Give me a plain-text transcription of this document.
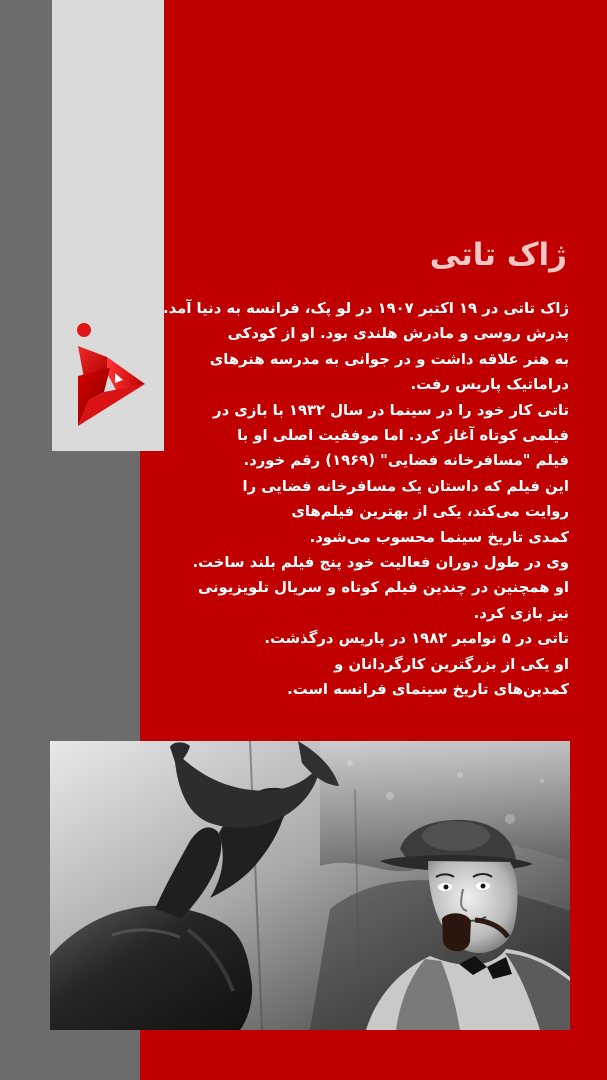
ژاک تاتی
ژاک تاتی در ۱۹ اکتبر ۱۹۰۷ در لو پک، فرانسه به دنیا آمد.
پدرش روسی و مادرش هلندی بود. او از کودکی
به هنر علاقه داشت و در جوانی به مدرسه هنرهای
دراماتیک پاریس رفت.
تاتی کار خود را در سینما در سال ۱۹۳۲ با بازی در
فیلمی کوتاه آغاز کرد. اما موفقیت اصلی او با
فیلم "مسافرخانه فضایی" (۱۹۶۹) رقم خورد.
این فیلم که داستان یک مسافرخانه فضایی را
روایت می‌کند، یکی از بهترین فیلم‌های
کمدی تاریخ سینما محسوب می‌شود.
وی در طول دوران فعالیت خود پنج فیلم بلند ساخت.
او همچنین در چندین فیلم کوتاه و سریال تلویزیونی
نیز بازی کرد.
تاتی در ۵ نوامبر ۱۹۸۲ در پاریس درگذشت.
او یکی از بزرگترین کارگردانان و
کمدین‌های تاریخ سینمای فرانسه است.
